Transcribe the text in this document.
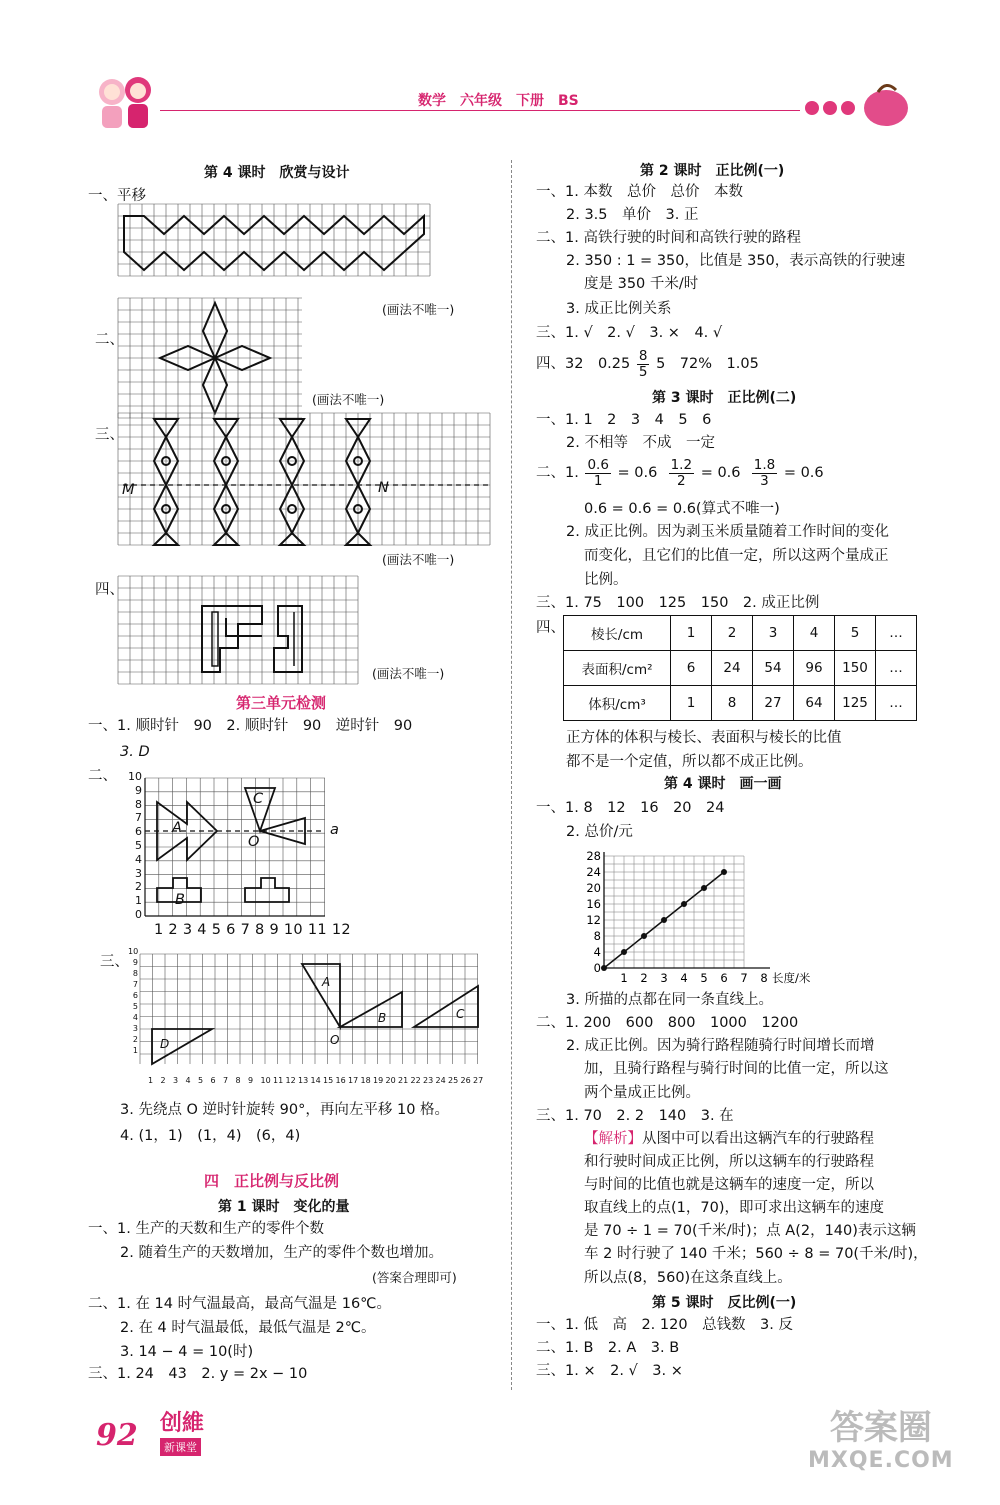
数学　六年级　下册　BS
第 4 课时　欣赏与设计
一、平移
(画法不唯一)
二、
(画法不唯一)
三、
M	N
(画法不唯一)
四、
(画法不唯一)
第三单元检测
一、1. 顺时针　90　2. 顺时针　90　逆时针　90
3. D
二、 10
9
8
7
6
5
4
3
2
1
0
A
B
C
O
a
1 2 3 4 5 6 7 8 9 10 11 12
三、
10
9
8
7
6
5
4
3
2
1
A
B	C
D	O
1 2 3 4 5 6 7 8 9 10 11 12 13 14 15 16 17 18 19 20 21 22 23 24 25 26 27
3. 先绕点 O 逆时针旋转 90°，再向左平移 10 格。
4. (1，1)　(1，4)　(6，4)
四　正比例与反比例
第 1 课时　变化的量
一、1. 生产的天数和生产的零件个数
2. 随着生产的天数增加，生产的零件个数也增加。
(答案合理即可)
二、1. 在 14 时气温最高，最高气温是 16℃。
2. 在 4 时气温最低，最低气温是 2℃。
3. 14 − 4 = 10(时)
三、1. 24　43　2. y = 2x − 10
第 2 课时　正比例(一)
一、1. 本数　总价　总价　本数
2. 3.5　单价　3. 正
二、1. 高铁行驶的时间和高铁行驶的路程
2. 350 : 1 = 350，比值是 350，表示高铁的行驶速
度是 350 千米/时
3. 成正比例关系
三、1. √　2. √　3. ×　4. √
四、32　$0.25 \frac{8}{5} 5$　72%　1.05
第 3 课时　正比例(二)
一、1. 1　2　3　4　5　6
2. 不相等　不成　一定
二、1. $\frac{0.6}{1} = 0.6 \frac{1.2}{2} = 0.6 \frac{1.8}{3} = 0.6$
0.6 = 0.6 = 0.6(算式不唯一)
2. 成正比例。因为剥玉米质量随着工作时间的变化
而变化，且它们的比值一定，所以这两个量成正
比例。
三、1. 75　100　125　150　2. 成正比例
四、 棱长/cm	1	2	3	4	5	…
表面积/cm²	6	24	54	96	150	…
体积/cm³	1	8	27	64	125	…
正方体的体积与棱长、表面积与棱长的比值
都不是一个定值，所以都不成正比例。
第 4 课时　画一画
一、1. 8　12　16　20　24
2. 总价/元
0
4
8
12
16
20
24
28
1 2 3 4 5 6 7 8 长度/米
3. 所描的点都在同一条直线上。
二、1. 200　600　800　1000　1200
2. 成正比例。因为骑行路程随骑行时间增长而增
加，且骑行路程与骑行时间的比值一定，所以这
两个量成正比例。
三、1. 70　2. 2　140　3. 在
【解析】从图中可以看出这辆汽车的行驶路程
和行驶时间成正比例，所以这辆车的行驶路程
与时间的比值也就是这辆车的速度一定，所以
取直线上的点(1，70)，即可求出这辆车的速度
是 70 ÷ 1 = 70(千米/时)；点 A(2，140)表示这辆
车 2 时行驶了 140 千米；560 ÷ 8 = 70(千米/时)，
所以点(8，560)在这条直线上。
第 5 课时　反比例(一)
一、1. 低　高　2. 120　总钱数　3. 反
二、1. B　2. A　3. B
三、1. ×　2. √　3. ×
92 创維
新课堂	答案圈
MXQE.COM
